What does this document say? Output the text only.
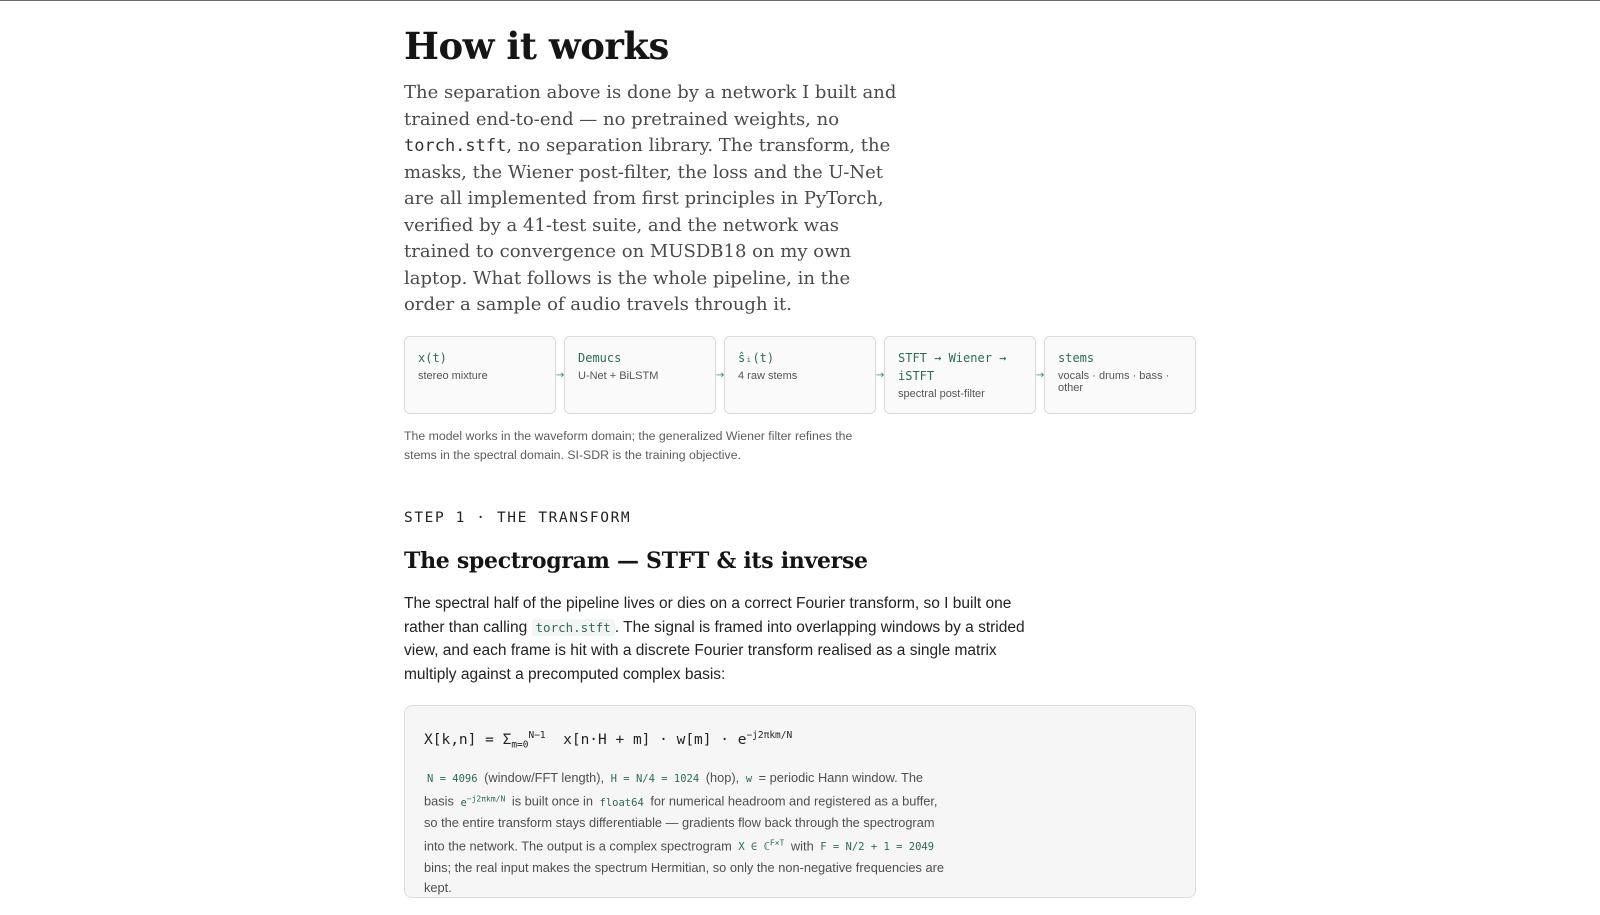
How it works

The separation above is done by a network I built and trained end-to-end — no pretrained weights, no torch.stft, no separation library. The transform, the masks, the Wiener post-filter, the loss and the U-Net are all implemented from first principles in PyTorch, verified by a 41-test suite, and the network was trained to convergence on MUSDB18 on my own laptop. What follows is the whole pipeline, in the order a sample of audio travels through it.

x(t)
stereo mixture	→
Demucs
U-Net + BiLSTM	→
ŝᵢ(t)
4 raw stems	→
STFT → Wiener → iSTFT
spectral post-filter
→
stems
vocals · drums · bass · other

The model works in the waveform domain; the generalized Wiener filter refines the stems in the spectral domain. SI-SDR is the training objective.

STEP 1 · THE TRANSFORM

The spectrogram — STFT & its inverse

The spectral half of the pipeline lives or dies on a correct Fourier transform, so I built one rather than calling torch.stft . The signal is framed into overlapping windows by a strided view, and each frame is hit with a discrete Fourier transform realised as a single matrix multiply against a precomputed complex basis:

$X[k,n] = \Sigma_{m=0}^{N-1}$  $x[n\cdot H + m] \cdot w[m] \cdot e^{-j2\pi km/N}$
N = 4096 (window/FFT length), H = N/4 = 1024 (hop), w = periodic Hann window. The basis $e^{-j2\pi km/N}$ is built once in float64 for numerical headroom and registered as a buffer, so the entire transform stays differentiable — gradients flow back through the spectrogram into the network. The output is a complex spectrogram X ∈ ℂ$^{F\times T}$ with F = N/2 + 1 = 2049 bins; the real input makes the spectrum Hermitian, so only the non-negative frequencies are kept.
